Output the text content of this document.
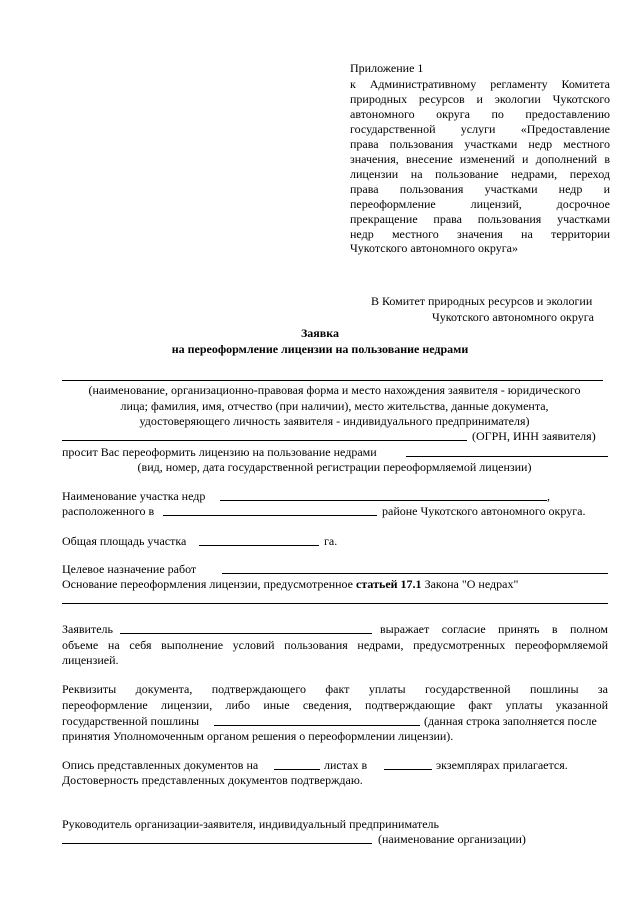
Приложение 1
к Административному регламенту Комитета
природных ресурсов и экологии Чукотского
автономного округа по предоставлению
государственной услуги «Предоставление
права пользования участками недр местного
значения, внесение изменений и дополнений в
лицензии на пользование недрами, переход
права пользования участками недр и
переоформление лицензий, досрочное
прекращение права пользования участками
недр местного значения на территории
Чукотского автономного округа»
В Комитет природных ресурсов и экологии
Чукотского автономного округа
Заявка
на переоформление лицензии на пользование недрами
(наименование, организационно-правовая форма и место нахождения заявителя - юридического
лица; фамилия, имя, отчество (при наличии), место жительства, данные документа,
удостоверяющего личность заявителя - индивидуального предпринимателя)
(ОГРН, ИНН заявителя)
просит Вас переоформить лицензию на пользование недрами
(вид, номер, дата государственной регистрации переоформляемой лицензии)
Наименование участка недр	,
расположенного в	районе Чукотского автономного округа.
Общая площадь участка	га.
Целевое назначение работ
Основание переоформления лицензии, предусмотренное статьей 17.1 Закона "О недрах"
Заявитель	выражает согласие принять в полном
объеме на себя выполнение условий пользования недрами, предусмотренных переоформляемой
лицензией.
Реквизиты документа, подтверждающего факт уплаты государственной пошлины за
переоформление лицензии, либо иные сведения, подтверждающие факт уплаты указанной
государственной пошлины	(данная строка заполняется после
принятия Уполномоченным органом решения о переоформлении лицензии).
Опись представленных документов на	листах в	экземплярах прилагается.
Достоверность представленных документов подтверждаю.
Руководитель организации-заявителя, индивидуальный предприниматель
(наименование организации)
